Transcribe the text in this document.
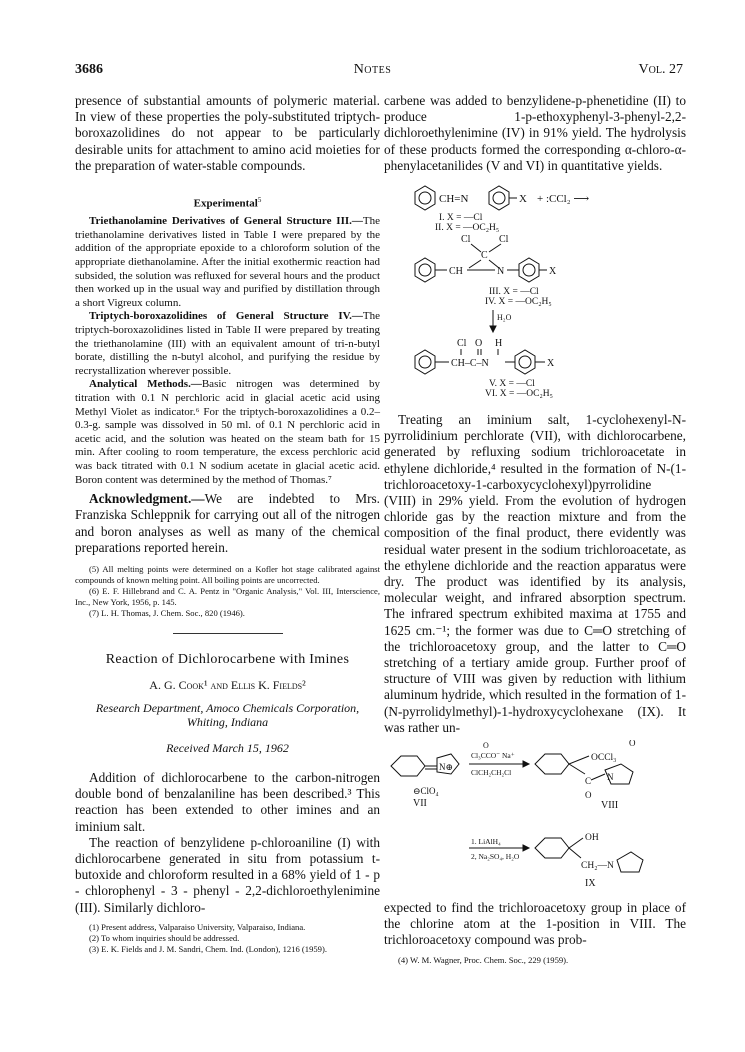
3686	Notes	Vol. 27

presence of substantial amounts of polymeric material. In view of these properties the poly-substituted triptych-boroxazolidines do not appear to be particularly desirable units for attachment to amino acid moieties for the preparation of water-stable compounds.

Experimental$^5$

Triethanolamine Derivatives of General Structure III.—The triethanolamine derivatives listed in Table I were prepared by the addition of the appropriate epoxide to a chloroform solution of the appropriate diethanolamine. After the initial exothermic reaction had subsided, the solution was refluxed for several hours and the product then worked up in the usual way and purified by distillation through a short Vigreux column.

Triptych-boroxazolidines of General Structure IV.—The triptych-boroxazolidines listed in Table II were prepared by treating the triethanolamine (III) with an equivalent amount of tri-n-butyl borate, distilling the n-butyl alcohol, and purifying the residue by recrystallization wherever possible.

Analytical Methods.—Basic nitrogen was determined by titration with 0.1 N perchloric acid in glacial acetic acid using Methyl Violet as indicator.⁶ For the triptych-boroxazolidines a 0.2–0.3-g. sample was dissolved in 50 ml. of 0.1 N perchloric acid in acetic acid, and the solution was heated on the steam bath for 15 min. After cooling to room temperature, the excess perchloric acid was back titrated with 0.1 N sodium acetate in glacial acetic acid. Boron content was determined by the method of Thomas.⁷

Acknowledgment.—We are indebted to Mrs. Franziska Schleppnik for carrying out all of the nitrogen and boron analyses as well as many of the chemical preparations reported herein.

(5) All melting points were determined on a Kofler hot stage calibrated against compounds of known melting point. All boiling points are uncorrected.

(6) E. F. Hillebrand and C. A. Pentz in "Organic Analysis," Vol. III, Interscience, Inc., New York, 1956, p. 145.

(7) L. H. Thomas, J. Chem. Soc., 820 (1946).

Reaction of Dichlorocarbene with Imines

A. G. Cook¹ and Ellis K. Fields²

Research Department, Amoco Chemicals Corporation, Whiting, Indiana

Received March 15, 1962

Addition of dichlorocarbene to the carbon-nitrogen double bond of benzalaniline has been described.³ This reaction has been extended to other imines and an iminium salt.

The reaction of benzylidene p-chloroaniline (I) with dichlorocarbene generated in situ from potassium t-butoxide and chloroform resulted in a 68% yield of 1 - p - chlorophenyl - 3 - phenyl - 2,2-dichloroethylenimine (III). Similarly dichloro-

(1) Present address, Valparaiso University, Valparaiso, Indiana.

(2) To whom inquiries should be addressed.

(3) E. K. Fields and J. M. Sandri, Chem. Ind. (London), 1216 (1959).

carbene was added to benzylidene-p-phenetidine (II) to produce 1-p-ethoxyphenyl-3-phenyl-2,2-dichloroethylenimine (IV) in 91% yield. The hydrolysis of these products formed the corresponding α-chloro-α-phenylacetanilides (V and VI) in quantitative yields.

CH=N	X + :CCl₂ ⟶
I. X = —Cl
II. X = —OC₂H₅
Cl	Cl
C
CH	N	X
III. X = —Cl
IV. X = —OC₂H₅
H₂O
Cl O H
CH–C–N	X
V. X = —Cl
VI. X = —OC₂H₅

Treating an iminium salt, 1-cyclohexenyl-N-pyrrolidinium perchlorate (VII), with dichlorocarbene, generated by refluxing sodium trichloroacetate in ethylene dichloride,⁴ resulted in the formation of N-(1-trichloroacetoxy-1-carboxycyclohexyl)pyrrolidine (VIII) in 29% yield. From the evolution of hydrogen chloride gas by the reaction mixture and from the composition of the final product, there evidently was residual water present in the sodium trichloroacetate, as the ethylene dichloride and the reaction apparatus were dry. The product was identified by its analysis, molecular weight, and infrared absorption spectrum. The infrared spectrum exhibited maxima at 1755 and 1625 cm.⁻¹; the former was due to C═O stretching of the trichloroacetoxy group, and the latter to C═O stretching of a tertiary amide group. Further proof of structure of VIII was given by reduction with lithium aluminum hydride, which resulted in the formation of 1-(N-pyrrolidylmethyl)-1-hydroxycyclohexane (IX). It was rather un-

N⊕
⊖ClO₄
VII
O
Cl₃CCO⁻ Na⁺
ClCH₂CH₂Cl
O
OCCl₃
C N
O
VIII
1. LiAlH₄
2, Na₂SO₄, H₂O
OH
CH₂—N
IX

expected to find the trichloroacetoxy group in place of the chlorine atom at the 1-position in VIII. The trichloroacetoxy compound was prob-

(4) W. M. Wagner, Proc. Chem. Soc., 229 (1959).
